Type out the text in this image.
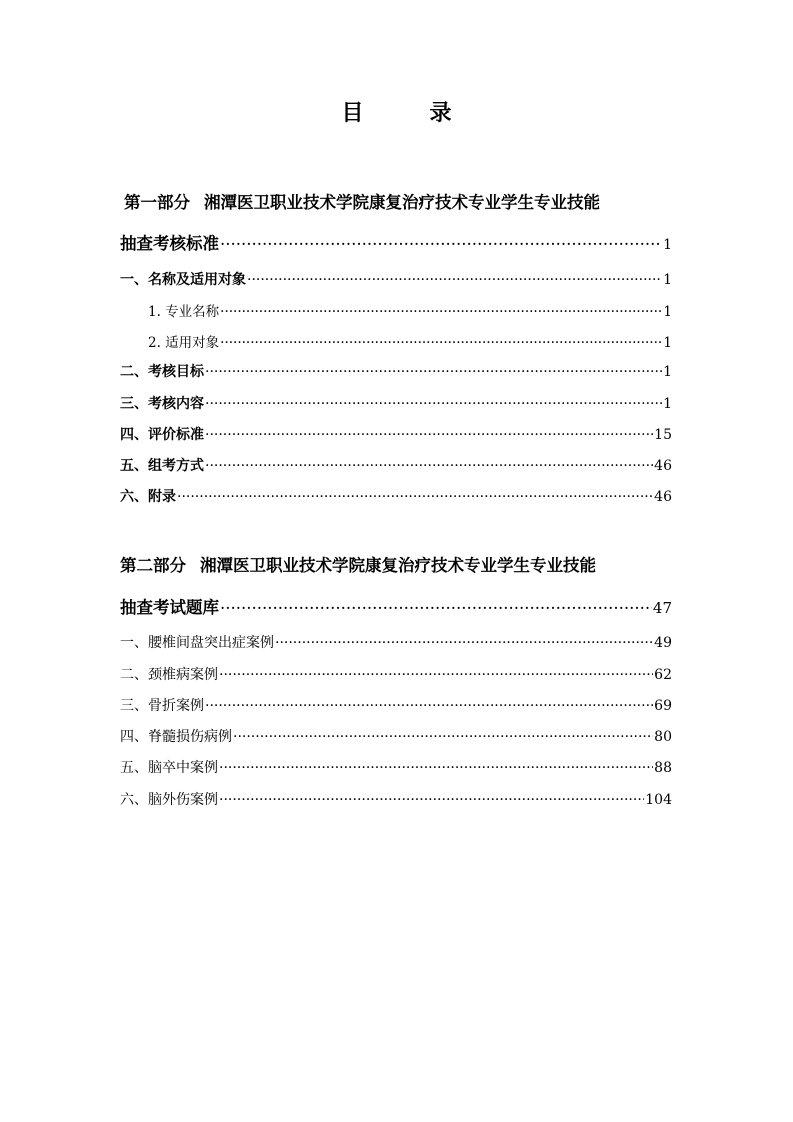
目　录
第一部分 湘潭医卫职业技术学院康复治疗技术专业学生专业技能
抽查考核标准 .....	1
一、名称及适用对象 .....	1
1. 专业名称 .....	1
2. 适用对象 .....	1
二、考核目标 .....	1
三、考核内容 .....	1
四、评价标准 .....	15
五、组考方式 .....	46
六、附录 .....	46
第二部分 湘潭医卫职业技术学院康复治疗技术专业学生专业技能
抽查考试题库 .....	47
一、腰椎间盘突出症案例 .....	49
二、颈椎病案例 .....	62
三、骨折案例 .....	69
四、脊髓损伤病例 .....	80
五、脑卒中案例 .....	88
六、脑外伤案例 .....	104
